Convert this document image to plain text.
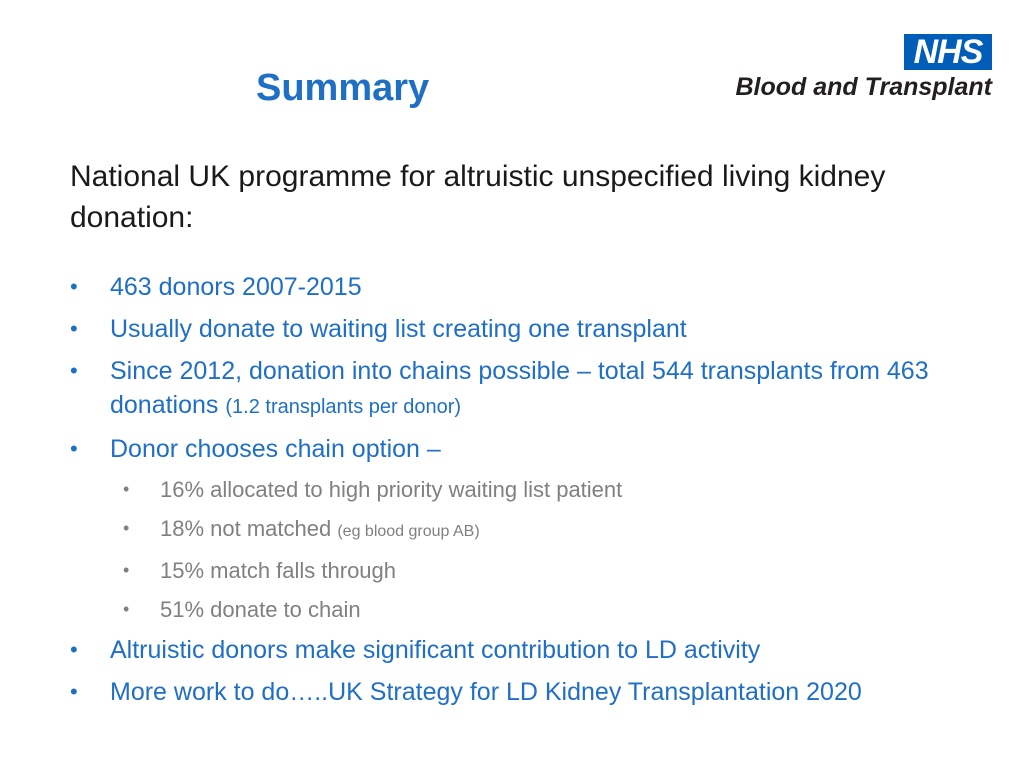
Summary
NHS
Blood and Transplant

National UK programme for altruistic unspecified living kidney donation:

• 463 donors 2007-2015
• Usually donate to waiting list creating one transplant
• Since 2012, donation into chains possible – total 544 transplants from 463 donations (1.2 transplants per donor)
• Donor chooses chain option –
• 16% allocated to high priority waiting list patient
• 18% not matched (eg blood group AB)
• 15% match falls through
• 51% donate to chain
• Altruistic donors make significant contribution to LD activity
• More work to do…..UK Strategy for LD Kidney Transplantation 2020
